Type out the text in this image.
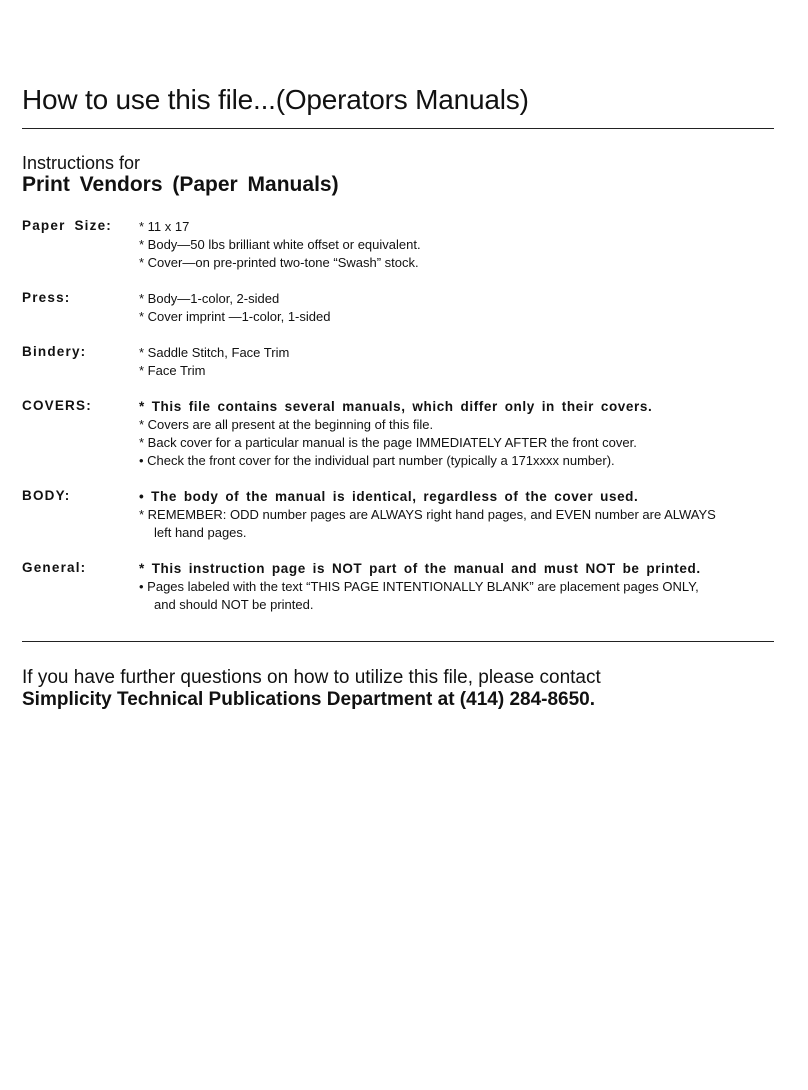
How to use this file...(Operators Manuals)
Instructions for
Print Vendors (Paper Manuals)
Paper Size: * 11 x 17
* Body—50 lbs brilliant white offset or equivalent.
* Cover—on pre-printed two-tone “Swash” stock.
Press:	* Body—1-color, 2-sided
* Cover imprint —1-color, 1-sided
Bindery:	* Saddle Stitch, Face Trim
* Face Trim
COVERS:	* This file contains several manuals, which differ only in their covers.
* Covers are all present at the beginning of this file.
* Back cover for a particular manual is the page IMMEDIATELY AFTER the front cover.
• Check the front cover for the individual part number (typically a 171xxxx number).
BODY:	• The body of the manual is identical, regardless of the cover used.
* REMEMBER: ODD number pages are ALWAYS right hand pages, and EVEN number are ALWAYS
left hand pages.
General:	* This instruction page is NOT part of the manual and must NOT be printed.
• Pages labeled with the text “THIS PAGE INTENTIONALLY BLANK” are placement pages ONLY,
and should NOT be printed.
If you have further questions on how to utilize this file, please contact
Simplicity Technical Publications Department at (414) 284-8650.
